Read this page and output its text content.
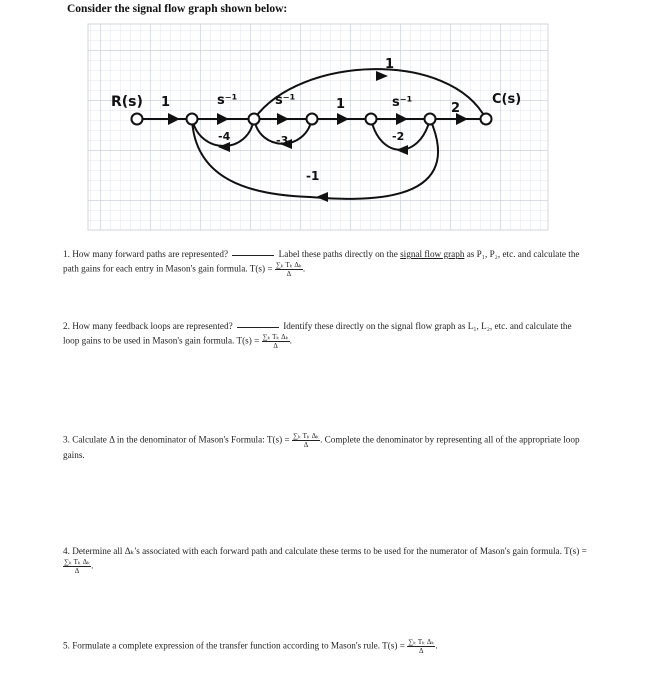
Consider the signal flow graph shown below:
R(s)	C(s)
1	s⁻¹	s⁻¹	1	s⁻¹	2
1
-4	-3	-2
-1
1. How many forward paths are represented?	Label these paths directly on the signal flow graph as P₁, P₂, etc. and calculate the path gains for each entry in Mason's gain formula. $T(s) = \frac{\text{∑ₖ Tₖ Δₖ}}{\Delta}$ .
2. How many feedback loops are represented?	Identify these directly on the signal flow graph as L₁, L₂, etc. and calculate the loop gains to be used in Mason's gain formula. $T(s) = \frac{\text{∑ₖ Tₖ Δₖ}}{\Delta}$ .
3. Calculate Δ in the denominator of Mason's Formula: $T(s) = \frac{\text{∑ₖ Tₖ Δₖ}}{\Delta}$ . Complete the denominator by representing all of the appropriate loop gains.
4. Determine all Δₖ's associated with each forward path and calculate these terms to be used for the numerator of Mason's gain formula. T(s) =
$\frac{\text{∑ₖ Tₖ Δₖ}}{\Delta}$ .
5. Formulate a complete expression of the transfer function according to Mason's rule. $T(s) = \frac{\text{∑ₖ Tₖ Δₖ}}{\Delta}$ .
